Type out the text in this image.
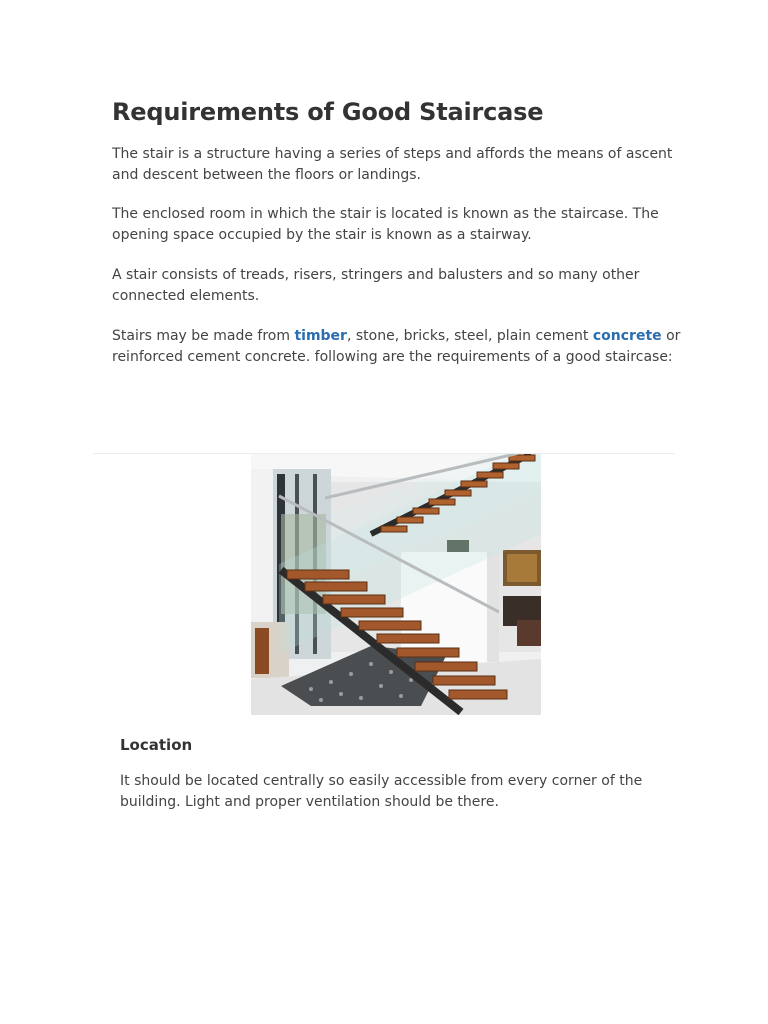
Requirements of Good Staircase

The stair is a structure having a series of steps and affords the means of ascent and descent between the floors or landings.

The enclosed room in which the stair is located is known as the staircase. The opening space occupied by the stair is known as a stairway.

A stair consists of treads, risers, stringers and balusters and so many other connected elements.

Stairs may be made from timber, stone, bricks, steel, plain cement concrete or reinforced cement concrete. following are the requirements of a good staircase:

Location

It should be located centrally so easily accessible from every corner of the building. Light and proper ventilation should be there.
